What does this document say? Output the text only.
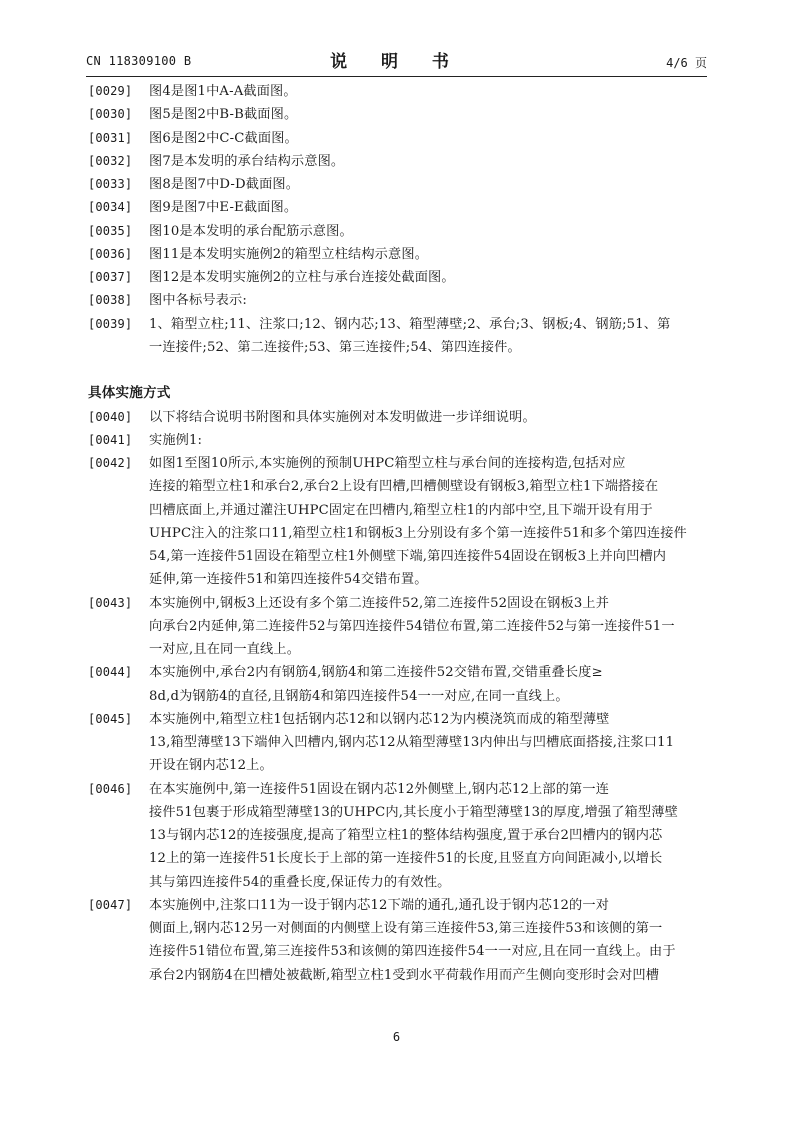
CN 118309100 B	说 明 书	4/6 页
[0029] 图4是图1中A-A截面图。
[0030] 图5是图2中B-B截面图。
[0031] 图6是图2中C-C截面图。
[0032] 图7是本发明的承台结构示意图。
[0033] 图8是图7中D-D截面图。
[0034] 图9是图7中E-E截面图。
[0035] 图10是本发明的承台配筋示意图。
[0036] 图11是本发明实施例2的箱型立柱结构示意图。
[0037] 图12是本发明实施例2的立柱与承台连接处截面图。
[0038] 图中各标号表示:
[0039] 1、箱型立柱;11、注浆口;12、钢内芯;13、箱型薄壁;2、承台;3、钢板;4、钢筋;51、第
一连接件;52、第二连接件;53、第三连接件;54、第四连接件。
具体实施方式
[0040] 以下将结合说明书附图和具体实施例对本发明做进一步详细说明。
[0041] 实施例1:
[0042] 如图1至图10所示,本实施例的预制UHPC箱型立柱与承台间的连接构造,包括对应
连接的箱型立柱1和承台2,承台2上设有凹槽,凹槽侧壁设有钢板3,箱型立柱1下端搭接在
凹槽底面上,并通过灌注UHPC固定在凹槽内,箱型立柱1的内部中空,且下端开设有用于
UHPC注入的注浆口11,箱型立柱1和钢板3上分别设有多个第一连接件51和多个第四连接件
54,第一连接件51固设在箱型立柱1外侧壁下端,第四连接件54固设在钢板3上并向凹槽内
延伸,第一连接件51和第四连接件54交错布置。
[0043] 本实施例中,钢板3上还设有多个第二连接件52,第二连接件52固设在钢板3上并
向承台2内延伸,第二连接件52与第四连接件54错位布置,第二连接件52与第一连接件51一
一对应,且在同一直线上。
[0044] 本实施例中,承台2内有钢筋4,钢筋4和第二连接件52交错布置,交错重叠长度≥
8d,d为钢筋4的直径,且钢筋4和第四连接件54一一对应,在同一直线上。
[0045] 本实施例中,箱型立柱1包括钢内芯12和以钢内芯12为内模浇筑而成的箱型薄壁
13,箱型薄壁13下端伸入凹槽内,钢内芯12从箱型薄壁13内伸出与凹槽底面搭接,注浆口11
开设在钢内芯12上。
[0046] 在本实施例中,第一连接件51固设在钢内芯12外侧壁上,钢内芯12上部的第一连
接件51包裹于形成箱型薄壁13的UHPC内,其长度小于箱型薄壁13的厚度,增强了箱型薄壁
13与钢内芯12的连接强度,提高了箱型立柱1的整体结构强度,置于承台2凹槽内的钢内芯
12上的第一连接件51长度长于上部的第一连接件51的长度,且竖直方向间距减小,以增长
其与第四连接件54的重叠长度,保证传力的有效性。
[0047] 本实施例中,注浆口11为一设于钢内芯12下端的通孔,通孔设于钢内芯12的一对
侧面上,钢内芯12另一对侧面的内侧壁上设有第三连接件53,第三连接件53和该侧的第一
连接件51错位布置,第三连接件53和该侧的第四连接件54一一对应,且在同一直线上。由于
承台2内钢筋4在凹槽处被截断,箱型立柱1受到水平荷载作用而产生侧向变形时会对凹槽
6
